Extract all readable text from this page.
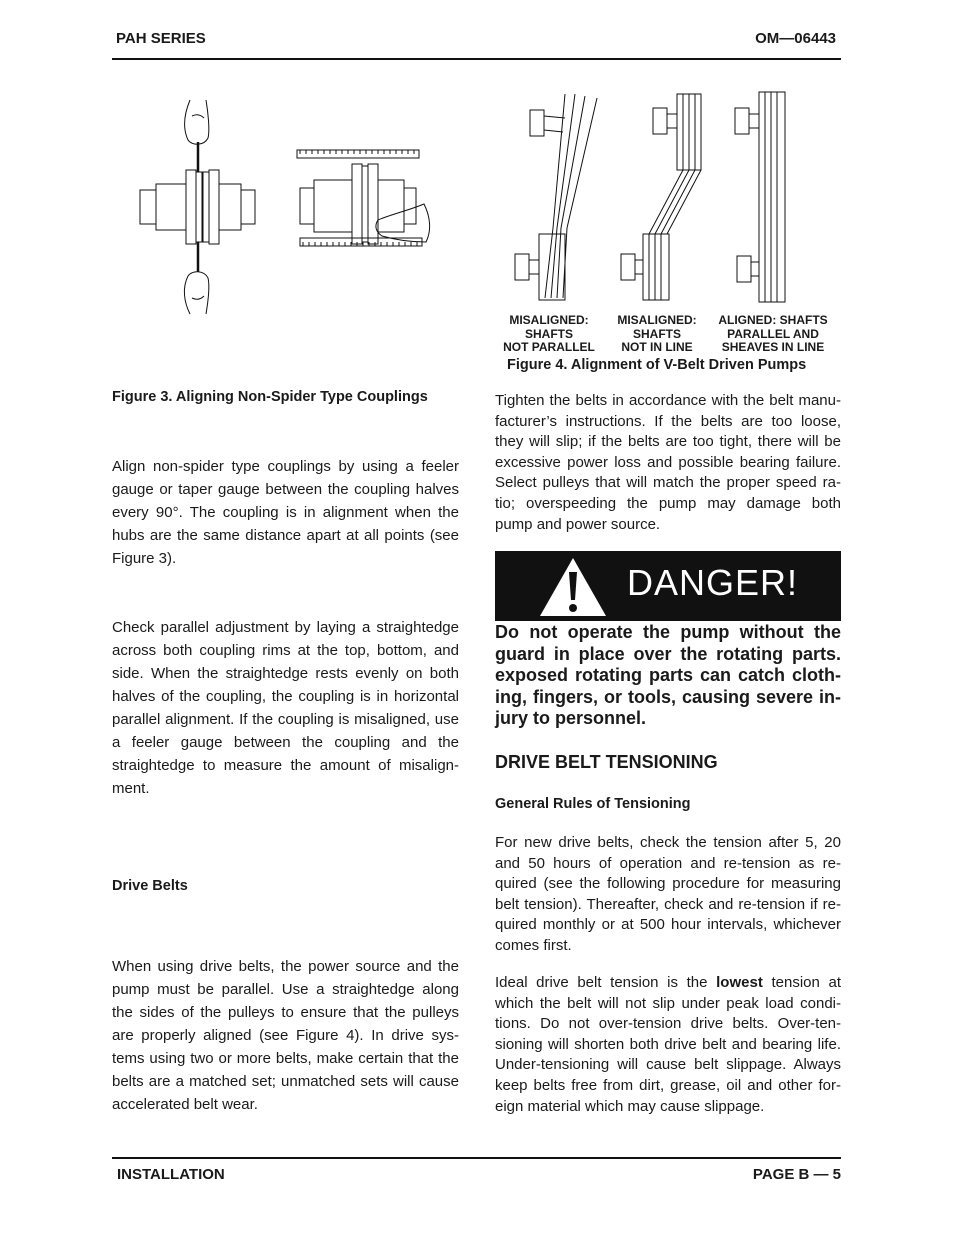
PAH SERIES	OM—06443
MISALIGNED:
SHAFTS
NOT PARALLEL
MISALIGNED:
SHAFTS
NOT IN LINE
ALIGNED: SHAFTS
PARALLEL AND
SHEAVES IN LINE
Figure 4. Alignment of V-Belt Driven Pumps
Figure 3. Aligning Non-Spider Type Couplings

Align non-spider type couplings by using a feeler gauge or taper gauge between the coupling halves every 90°. The coupling is in alignment when the hubs are the same distance apart at all points (see Figure 3).

Check parallel adjustment by laying a straightedge across both coupling rims at the top, bottom, and side. When the straightedge rests evenly on both halves of the coupling, the coupling is in horizontal parallel alignment. If the coupling is misaligned, use a feeler gauge between the coupling and the straightedge to measure the amount of misalign-ment.

Drive Belts

When using drive belts, the power source and the pump must be parallel. Use a straightedge along the sides of the pulleys to ensure that the pulleys are properly aligned (see Figure 4). In drive sys-tems using two or more belts, make certain that the belts are a matched set; unmatched sets will cause accelerated belt wear.

Tighten the belts in accordance with the belt manu-facturer’s instructions. If the belts are too loose, they will slip; if the belts are too tight, there will be excessive power loss and possible bearing failure. Select pulleys that will match the proper speed ra-tio; overspeeding the pump may damage both pump and power source.

DANGER!

Do not operate the pump without the guard in place over the rotating parts. exposed rotating parts can catch cloth-ing, fingers, or tools, causing severe in-jury to personnel.

DRIVE BELT TENSIONING
General Rules of Tensioning

For new drive belts, check the tension after 5, 20 and 50 hours of operation and re-tension as re-quired (see the following procedure for measuring belt tension). Thereafter, check and re-tension if re-quired monthly or at 500 hour intervals, whichever comes first.

Ideal drive belt tension is the lowest tension at which the belt will not slip under peak load condi-tions. Do not over-tension drive belts. Over-ten-sioning will shorten both drive belt and bearing life. Under-tensioning will cause belt slippage. Always keep belts free from dirt, grease, oil and other for-eign material which may cause slippage.

INSTALLATION	PAGE B — 5
